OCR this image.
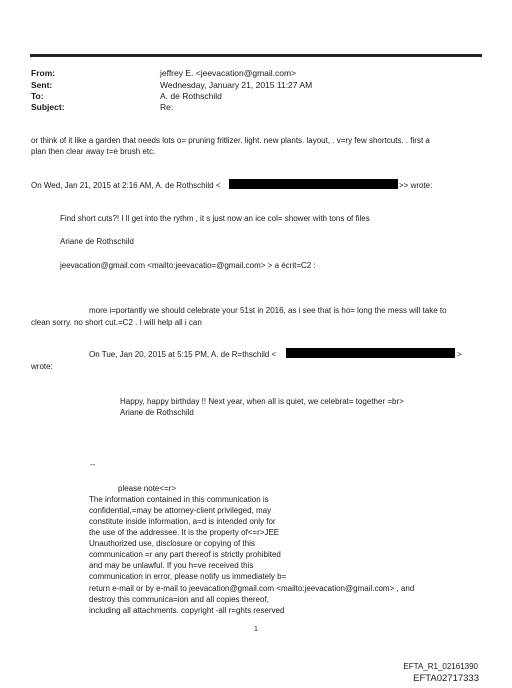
From:
Sent:
To:
Subject:
jeffrey E. <jeevacation@gmail.com>
Wednesday, January 21, 2015 11:27 AM
A. de Rothschild
Re:
or think of it like a garden that needs lots o= pruning fritlizer. light. new plants. layout, . v=ry few shortcuts. . first a
plan then clear away t=e brush etc.
On Wed, Jan 21, 2015 at 2:16 AM, A. de Rothschild <	>> wrote:
Find short cuts?! I ll get into the rythm , it s just now an ice col= shower with tons of files
Ariane de Rothschild
jeevacation@gmail.com <mailto:jeevacatio=@gmail.com> > a écrit=C2 :
more i=portantly we should celebrate your 51st in 2016, as i see that is ho= long the mess will take to
clean sorry. no short cut.=C2 . I will help all i can
On Tue, Jan 20, 2015 at 5:15 PM, A. de R=thschild <	>
wrote:
Happy, happy birthday !! Next year, when all is quiet, we celebrat= together =br>
Ariane de Rothschild
--
please note<=r>
The information contained in this communication is
confidential,=may be attorney-client privileged, may
constitute inside information, a=d is intended only for
the use of the addressee. It is the property of<=r>JEE
Unauthorized use, disclosure or copying of this
communication =r any part thereof is strictly prohibited
and may be unlawful. If you h=ve received this
communication in error, please notify us immediately b=
return e-mail or by e-mail to jeevacation@gmail.com <mailto:jeevacation@gmail.com> , and
destroy this communica=ion and all copies thereof,
including all attachments. copyright -all r=ghts reserved
1
EFTA_R1_02161390
EFTA02717333
